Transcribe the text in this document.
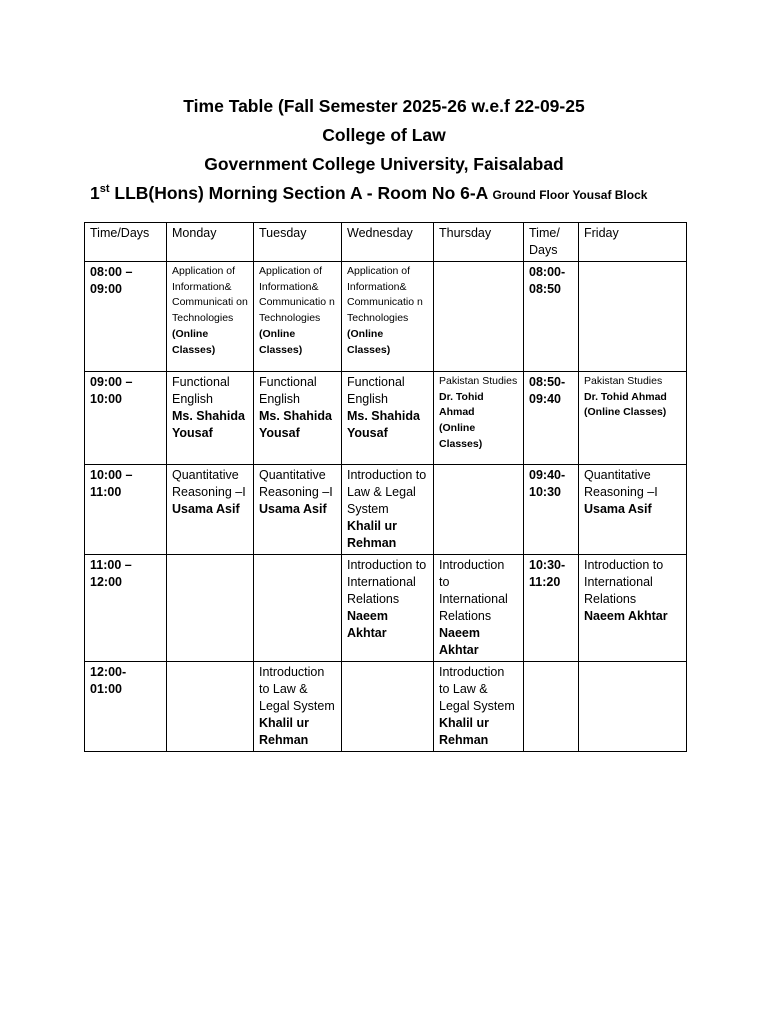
Time Table (Fall Semester 2025-26 w.e.f 22-09-25
College of Law
Government College University, Faisalabad
1st LLB(Hons) Morning Section A - Room No 6-A Ground Floor Yousaf Block
Time/Days	Monday	Tuesday	Wednesday	Thursday	Time/ Days	Friday
08:00 – 09:00	Application of Information& Communicati on Technologies
(Online Classes)	Application of Information& Communicatio n Technologies
(Online Classes)	Application of Information& Communicatio n Technologies
(Online Classes)		08:00- 08:50	

09:00 – 10:00	Functional English
Ms. Shahida Yousaf	Functional English
Ms. Shahida Yousaf	Functional English
Ms. Shahida Yousaf	Pakistan Studies
Dr. Tohid Ahmad
(Online Classes)	08:50- 09:40	Pakistan Studies
Dr. Tohid Ahmad
(Online Classes)

10:00 – 11:00	Quantitative Reasoning –I
Usama Asif	Quantitative Reasoning –I
Usama Asif	Introduction to Law & Legal System
Khalil ur Rehman		09:40- 10:30	Quantitative Reasoning –I
Usama Asif

11:00 – 12:00			Introduction to International Relations
Naeem Akhtar	Introduction to International Relations
Naeem Akhtar	10:30- 11:20	Introduction to International Relations
Naeem Akhtar

12:00- 01:00		Introduction to Law & Legal System
Khalil ur Rehman		Introduction to Law & Legal System
Khalil ur Rehman		
